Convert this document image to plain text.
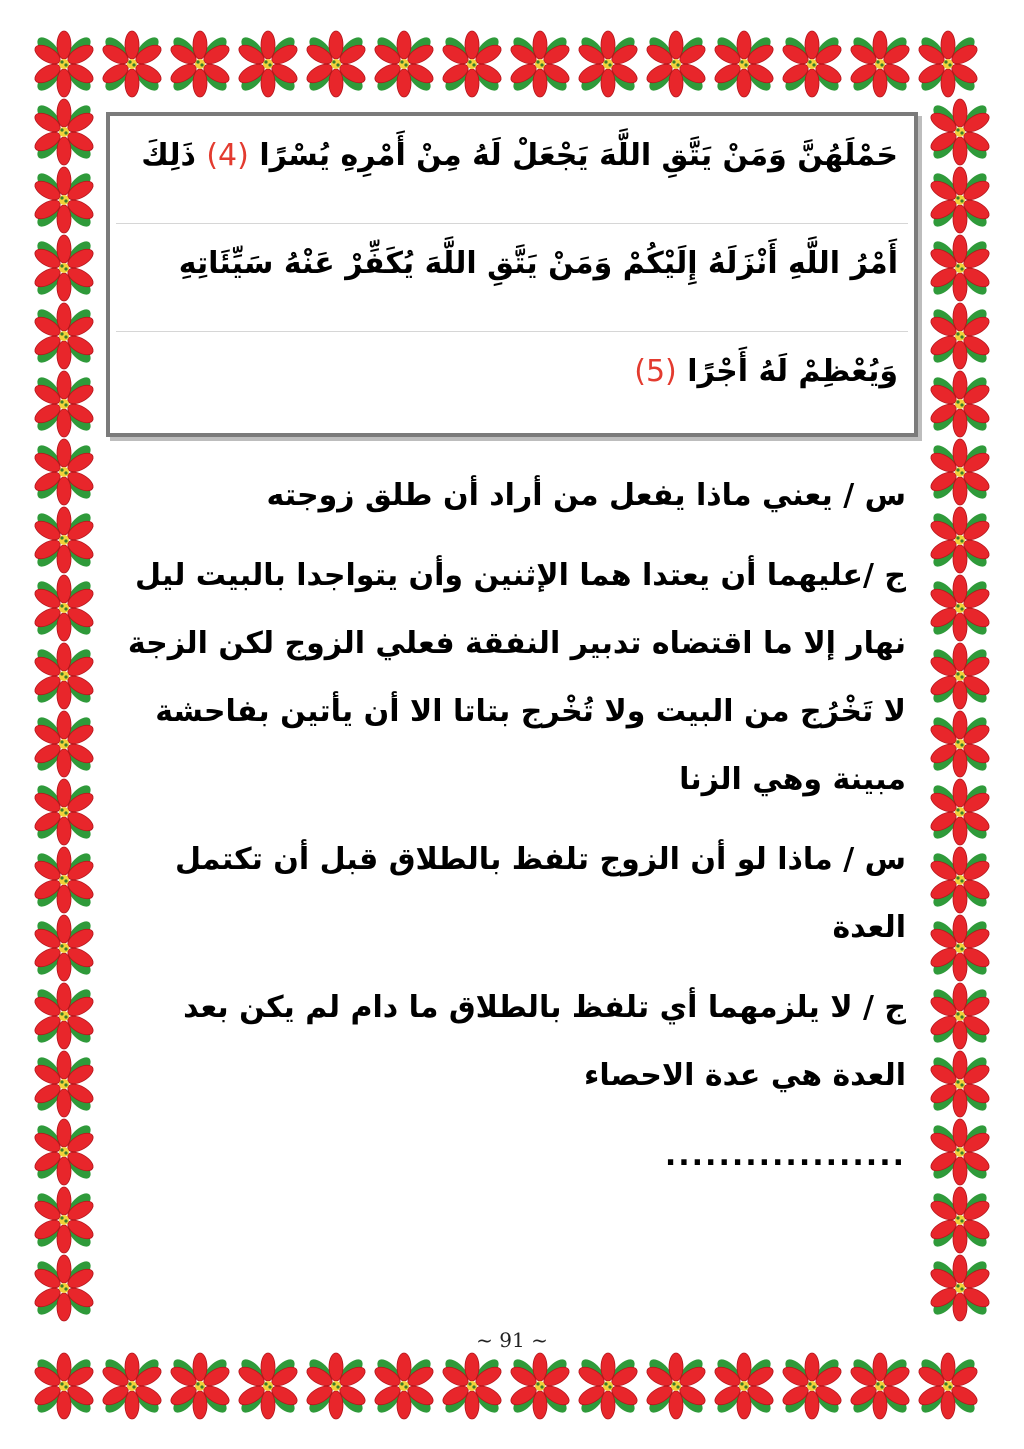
حَمْلَهُنَّ وَمَنْ يَتَّقِ اللَّهَ يَجْعَلْ لَهُ مِنْ أَمْرِهِ يُسْرًا (4) ذَلِكَ
أَمْرُ اللَّهِ أَنْزَلَهُ إِلَيْكُمْ وَمَنْ يَتَّقِ اللَّهَ يُكَفِّرْ عَنْهُ سَيِّئَاتِهِ
وَيُعْظِمْ لَهُ أَجْرًا (5)

س / يعني ماذا يفعل من أراد أن طلق زوجته

ج /عليهما أن يعتدا هما الإثنين وأن يتواجدا بالبيت ليل نهار إلا ما اقتضاه تدبير النفقة فعلي الزوج لكن الزجة لا تَخْرُج من البيت ولا تُخْرج بتاتا الا أن يأتين بفاحشة مبينة وهي الزنا

س / ماذا لو أن الزوج تلفظ بالطلاق قبل أن تكتمل العدة

ج / لا يلزمهما أي تلفظ بالطلاق ما دام لم يكن بعد العدة هي عدة الاحصاء

..................
~ 91 ~
